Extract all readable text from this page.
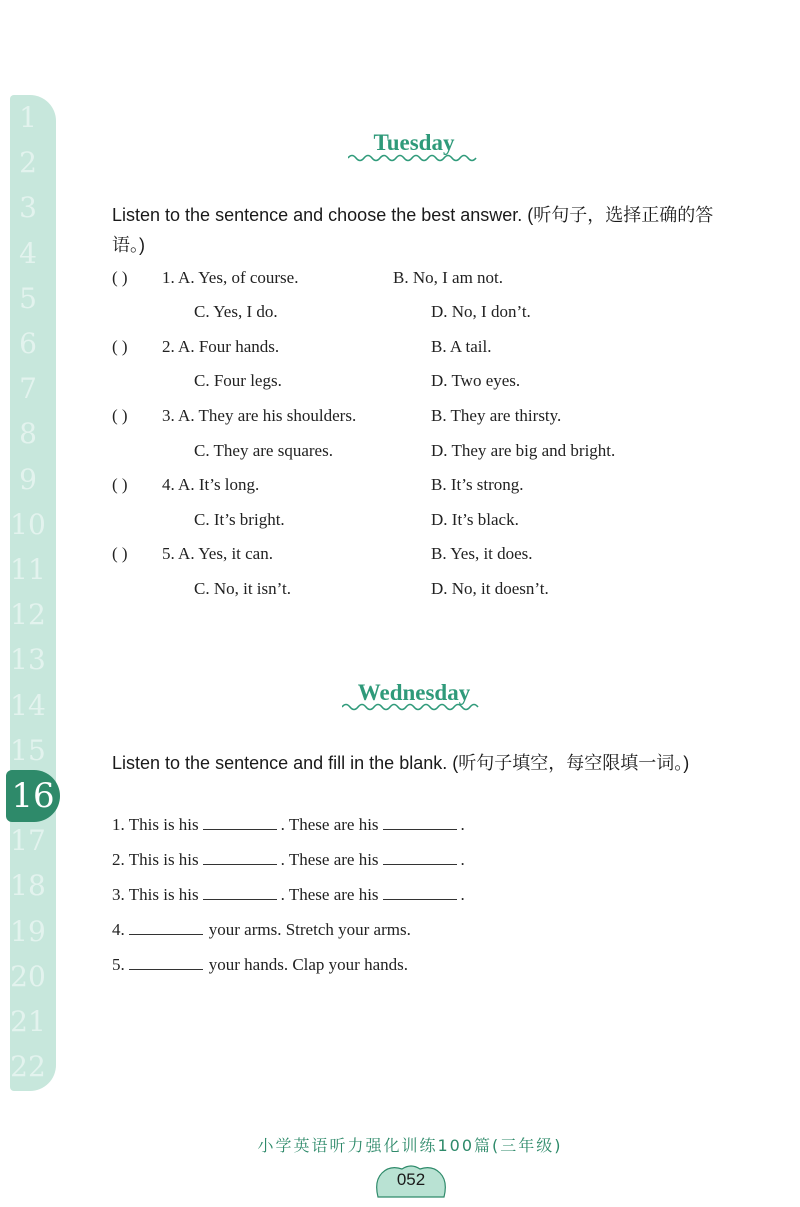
1
2
3
4
5
6
7
8
9
10
11
12
13
14
15
16
17
18
19
20
21
22
Tuesday
Listen to the sentence and choose the best answer. (听句子，选择正确的答语。)
( ) 1. A. Yes, of course.	B. No, I am not.
C. Yes, I do.	D. No, I don’t.
( ) 2. A. Four hands.	B. A tail.
C. Four legs.	D. Two eyes.
( ) 3. A. They are his shoulders.	B. They are thirsty.
C. They are squares.	D. They are big and bright.
( ) 4. A. It’s long.	B. It’s strong.
C. It’s bright.	D. It’s black.
( ) 5. A. Yes, it can.	B. Yes, it does.
C. No, it isn’t.	D. No, it doesn’t.
Wednesday
Listen to the sentence and fill in the blank. (听句子填空，每空限填一词。)
1. This is his	. These are his	.
2. This is his	. These are his	.
3. This is his	. These are his	.
4.	your arms. Stretch your arms.
5.	your hands. Clap your hands.
小学英语听力强化训练100篇(三年级)
052
